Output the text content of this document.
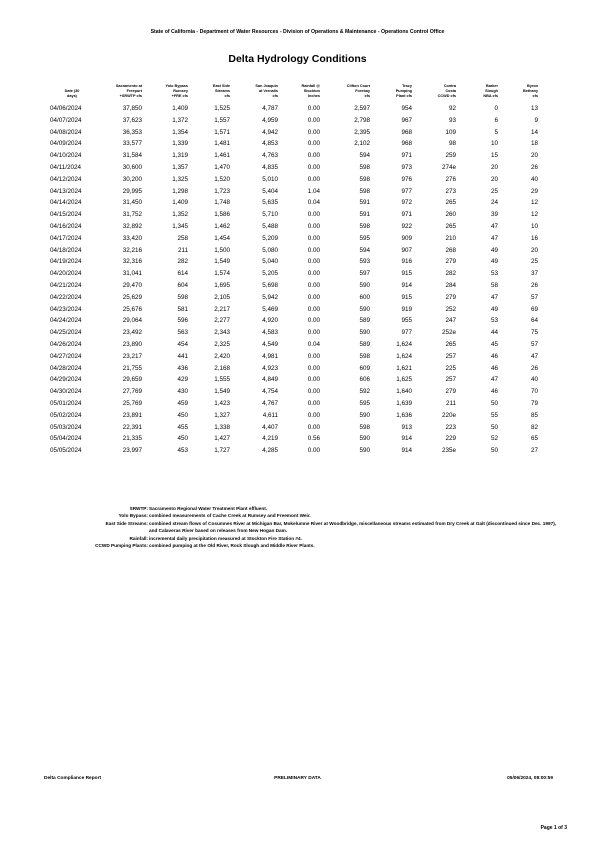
State of California - Department of Water Resources - Division of Operations & Maintenance - Operations Control Office
Delta Hydrology Conditions
Date (30
days)	Sacramento at
Freeport
+SRWTP cfs	Yolo Bypass
Rumsey
+FRE cfs	East Side
Streams
cfs	San Joaquin
at Vernalis
cfs	Rainfall @
Stockton
Inches	Clifton Court
Forebay
cfs	Tracy
Pumping
Plant cfs	Contra
Costa
CCWD cfs	Barker
Slough
NBA cfs	Byron
Bethany
cfs
04/06/2024	37,850	1,409	1,525	4,787	0.00	2,597	954	92	0	13
04/07/2024	37,623	1,372	1,557	4,959	0.00	2,798	967	93	6	9
04/08/2024	36,353	1,354	1,571	4,942	0.00	2,395	968	109	5	14
04/09/2024	33,577	1,339	1,481	4,853	0.00	2,102	968	98	10	18
04/10/2024	31,584	1,319	1,461	4,763	0.00	594	971	259	15	20
04/11/2024	30,600	1,357	1,470	4,835	0.00	598	973	274e	20	26
04/12/2024	30,200	1,325	1,520	5,010	0.00	598	976	276	20	40
04/13/2024	29,995	1,298	1,723	5,404	1.04	598	977	273	25	29
04/14/2024	31,450	1,409	1,748	5,635	0.04	591	972	265	24	12
04/15/2024	31,752	1,352	1,586	5,710	0.00	591	971	260	39	12
04/16/2024	32,892	1,345	1,462	5,488	0.00	598	922	265	47	10
04/17/2024	33,420	258	1,454	5,209	0.00	595	909	210	47	16
04/18/2024	32,216	211	1,500	5,080	0.00	594	907	268	49	20
04/19/2024	32,316	282	1,549	5,040	0.00	593	916	279	49	25
04/20/2024	31,041	614	1,574	5,205	0.00	597	915	282	53	37
04/21/2024	29,470	604	1,695	5,698	0.00	590	914	284	58	26
04/22/2024	25,629	598	2,105	5,942	0.00	600	915	279	47	57
04/23/2024	25,676	581	2,217	5,469	0.00	590	919	252	49	69
04/24/2024	29,064	596	2,277	4,920	0.00	589	955	247	53	64
04/25/2024	23,492	563	2,343	4,583	0.00	590	977	252e	44	75
04/26/2024	23,890	454	2,325	4,549	0.04	589	1,624	265	45	57
04/27/2024	23,217	441	2,420	4,981	0.00	598	1,624	257	46	47
04/28/2024	21,755	436	2,168	4,923	0.00	609	1,621	225	46	26
04/29/2024	29,659	429	1,555	4,849	0.00	606	1,625	257	47	40
04/30/2024	27,769	430	1,549	4,754	0.00	592	1,640	279	46	70
05/01/2024	25,769	459	1,423	4,767	0.00	595	1,639	211	50	79
05/02/2024	23,891	450	1,327	4,611	0.00	590	1,636	220e	55	85
05/03/2024	22,391	455	1,338	4,407	0.00	598	913	223	50	82
05/04/2024	21,335	450	1,427	4,219	0.56	590	914	229	52	65
05/05/2024	23,997	453	1,727	4,285	0.00	590	914	235e	50	27
SRWTP: Sacramento Regional Water Treatment Plant effluent.
Yolo Bypass: combined measurements of Cache Creek at Rumsey and Freemont Weir.
East Side Streams: combined stream flows of Cosumnes River at Michigan Bar, Mokelumne River at Woodbridge, miscellaneous streams estimated from Dry Creek at Galt (discontinued since Dec. 1997), and Calaveras River based on releases from New Hogan Dam.
Rainfall: incremental daily precipitation measured at Stockton Fire Station #4.
CCWD Pumping Plants: combined pumping at the Old River, Rock Slough and Middle River Plants.
Delta Compliance Report	PRELIMINARY DATA	05/06/2024, 08:00:59
Page 1 of 3
